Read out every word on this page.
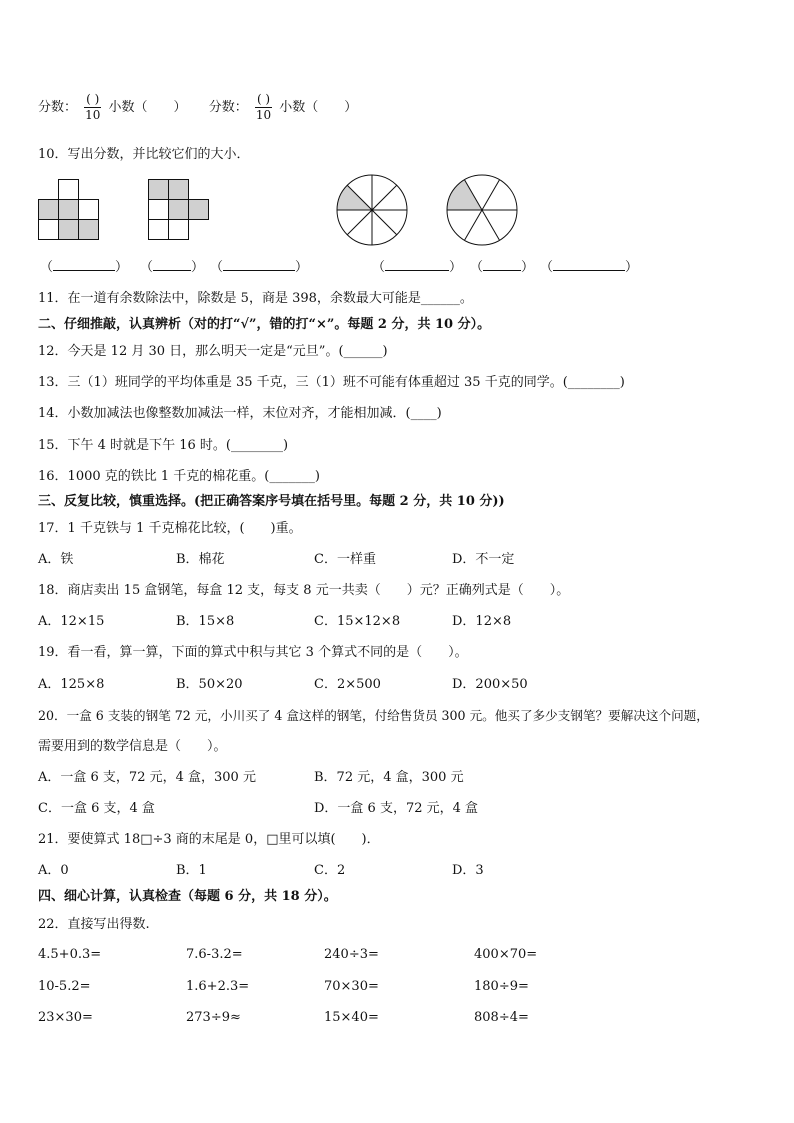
分数： $\frac{( )}{10}$ 小数（　　） 分数： $\frac{( )}{10}$ 小数（　　）
10．写出分数，并比较它们的大小．
（	） （	） （	）	（	） （	） （	）
11．在一道有余数除法中，除数是 5，商是 398，余数最大可能是______。
二、仔细推敲，认真辨析（对的打“√”，错的打“×”。每题 2 分，共 10 分）。
12．今天是 12 月 30 日，那么明天一定是“元旦”。(______)
13．三（1）班同学的平均体重是 35 千克，三（1）班不可能有体重超过 35 千克的同学。(________)
14．小数加减法也像整数加减法一样，末位对齐，才能相加减．(____)
15．下午 4 时就是下午 16 时。(________)
16．1000 克的铁比 1 千克的棉花重。(_______)
三、反复比较，慎重选择。(把正确答案序号填在括号里。每题 2 分，共 10 分))
17．1 千克铁与 1 千克棉花比较，(　　)重。
A．铁	B．棉花	C．一样重	D．不一定
18．商店卖出 15 盒钢笔，每盒 12 支，每支 8 元一共卖（　　）元？正确列式是（　　）。
A．12×15	B．15×8	C．15×12×8	D．12×8
19．看一看，算一算，下面的算式中积与其它 3 个算式不同的是（　　）。
A．125×8	B．50×20	C．2×500	D．200×50
20．一盒 6 支装的钢笔 72 元，小川买了 4 盒这样的钢笔，付给售货员 300 元。他买了多少支钢笔？要解决这个问题，
需要用到的数学信息是（　　）。
A．一盒 6 支，72 元，4 盒，300 元	B．72 元，4 盒，300 元
C．一盒 6 支，4 盒	D．一盒 6 支，72 元，4 盒
21．要使算式 18□÷3 商的末尾是 0，□里可以填(　　)．
A．0	B．1	C．2	D．3
四、细心计算，认真检查（每题 6 分，共 18 分）。
22．直接写出得数.
4.5+0.3=	7.6-3.2=	240÷3=	400×70=
10-5.2=	1.6+2.3=	70×30=	180÷9=
23×30=	273÷9≈	15×40=	808÷4=
